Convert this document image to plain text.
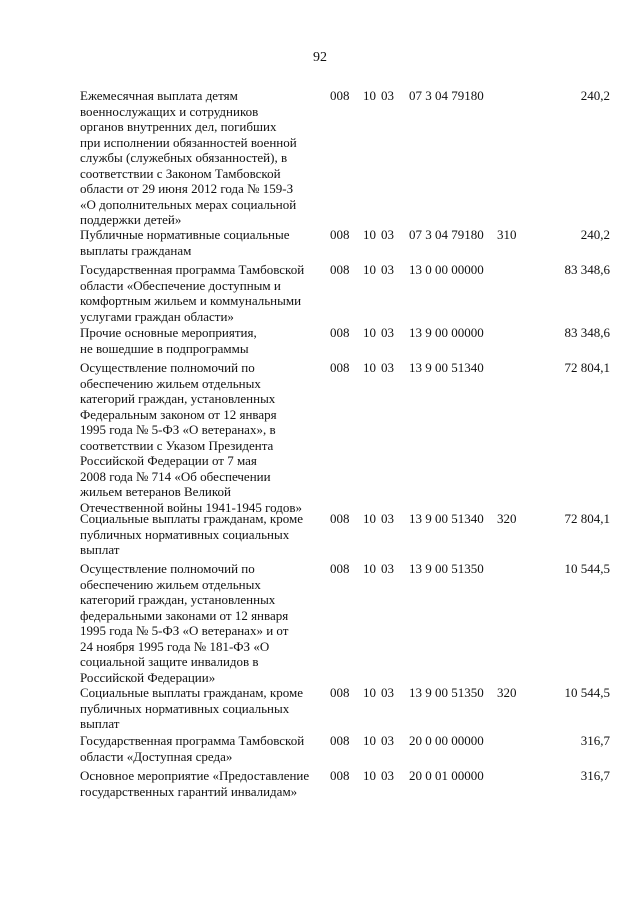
92
Ежемесячная выплата детям
военнослужащих и сотрудников
органов внутренних дел, погибших
при исполнении обязанностей военной
службы (служебных обязанностей), в
соответствии с Законом Тамбовской
области от 29 июня 2012 года № 159-З
«О дополнительных мерах социальной
поддержки детей»
008 10 03 07 3 04 79180	240,2
Публичные нормативные социальные
выплаты гражданам
008 10 03 07 3 04 79180 310	240,2
Государственная программа Тамбовской
области «Обеспечение доступным и
комфортным жильем и коммунальными
услугами граждан области»
008 10 03 13 0 00 00000	83 348,6
Прочие основные мероприятия,
не вошедшие в подпрограммы
008 10 03 13 9 00 00000	83 348,6
Осуществление полномочий по
обеспечению жильем отдельных
категорий граждан, установленных
Федеральным законом от 12 января
1995 года № 5-ФЗ «О ветеранах», в
соответствии с Указом Президента
Российской Федерации от 7 мая
2008 года № 714 «Об обеспечении
жильем ветеранов Великой
Отечественной войны 1941-1945 годов»
008 10 03 13 9 00 51340	72 804,1
Социальные выплаты гражданам, кроме
публичных нормативных социальных
выплат
008 10 03 13 9 00 51340 320	72 804,1
Осуществление полномочий по
обеспечению жильем отдельных
категорий граждан, установленных
федеральными законами от 12 января
1995 года № 5-ФЗ «О ветеранах» и от
24 ноября 1995 года № 181-ФЗ «О
социальной защите инвалидов в
Российской Федерации»
008 10 03 13 9 00 51350	10 544,5
Социальные выплаты гражданам, кроме
публичных нормативных социальных
выплат
008 10 03 13 9 00 51350 320	10 544,5
Государственная программа Тамбовской
области «Доступная среда»
008 10 03 20 0 00 00000	316,7
Основное мероприятие «Предоставление
государственных гарантий инвалидам»
008 10 03 20 0 01 00000	316,7
